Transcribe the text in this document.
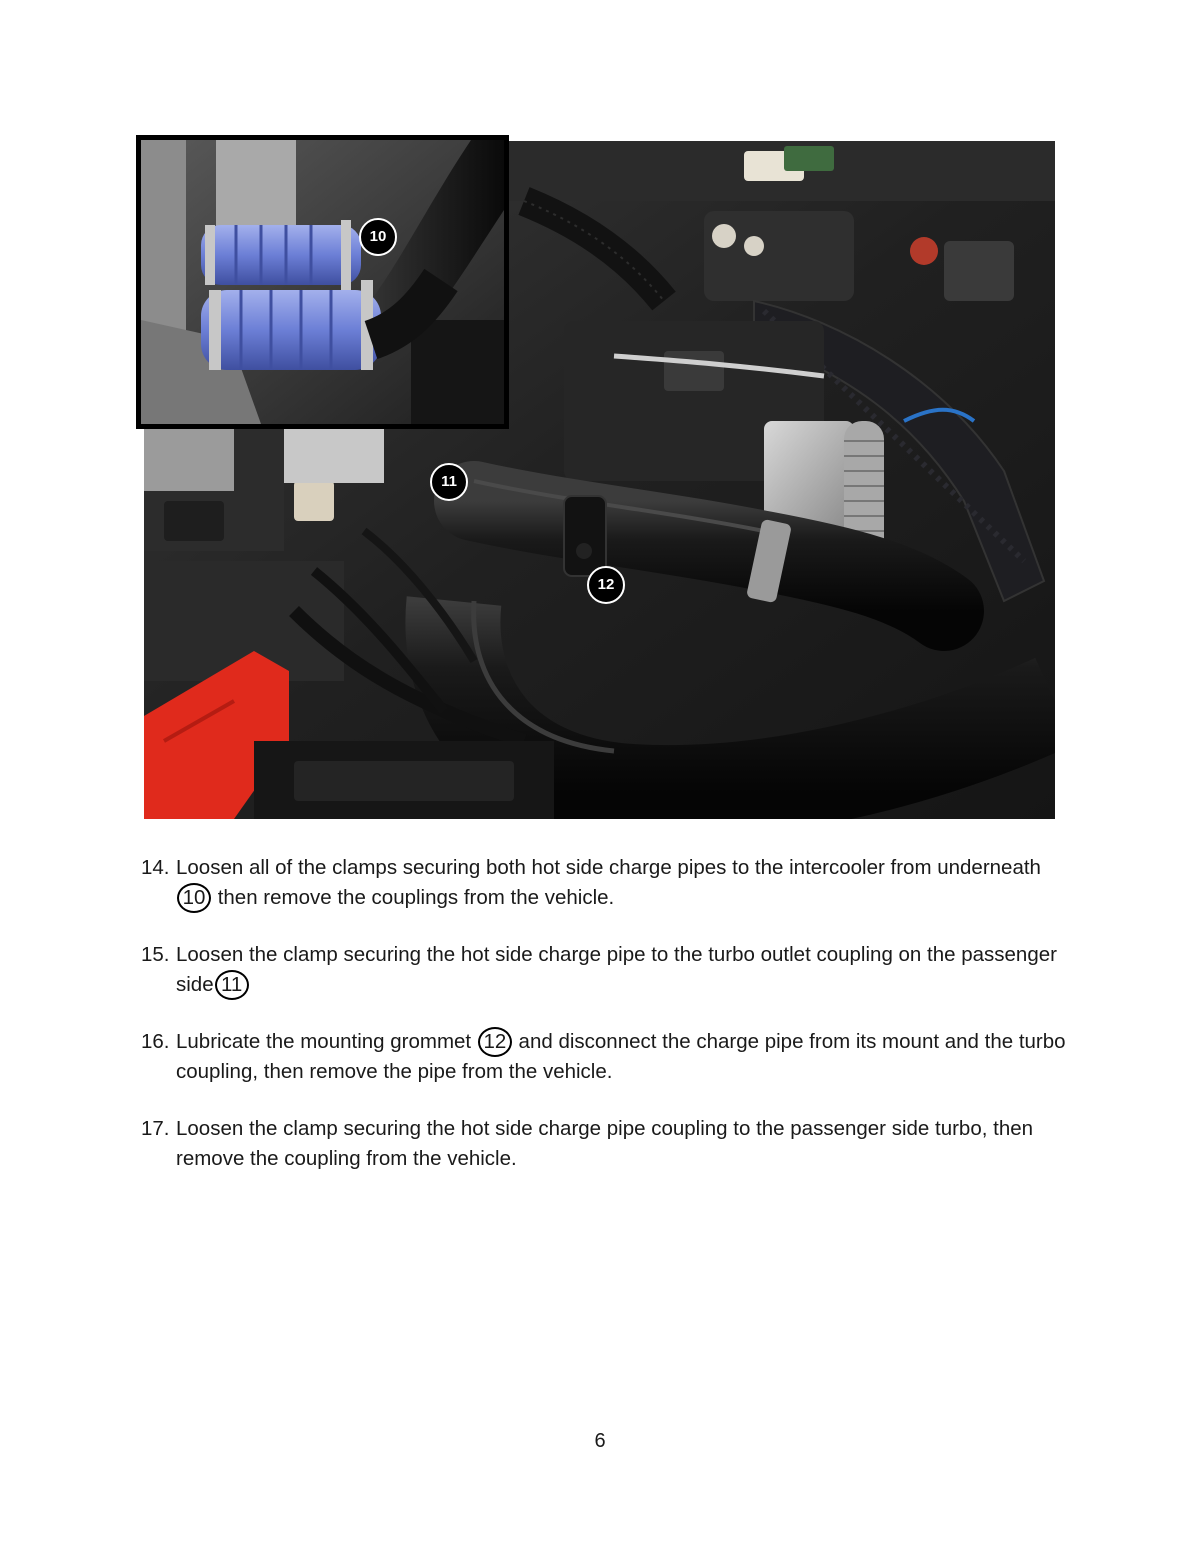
10
11
12
14. Loosen all of the clamps securing both hot side charge pipes to the intercooler from underneath 10 then remove the couplings from the vehicle.
15. Loosen the clamp securing the hot side charge pipe to the turbo outlet coupling on the passenger side 11
16. Lubricate the mounting grommet 12 and disconnect the charge pipe from its mount and the turbo coupling, then remove the pipe from the vehicle.
17. Loosen the clamp securing the hot side charge pipe coupling to the passenger side turbo, then remove the coupling from the vehicle.
6
